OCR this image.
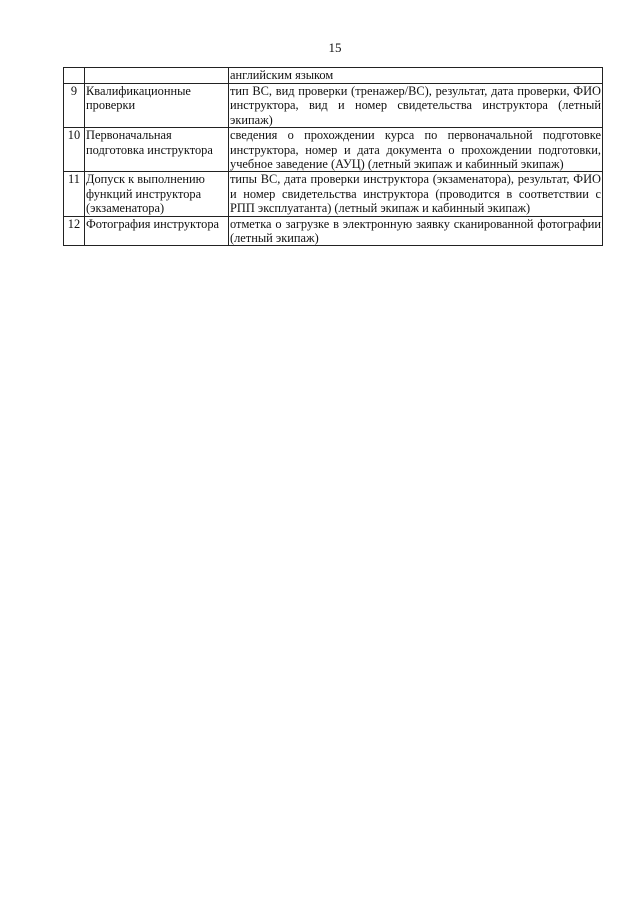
15
		английским языком
9	Квалификационные проверки	тип ВС, вид проверки (тренажер/ВС), результат, дата проверки, ФИО инструктора, вид и номер свидетельства инструктора (летный экипаж)
10	Первоначальная подготовка инструктора	сведения о прохождении курса по первоначальной подготовке инструктора, номер и дата документа о прохождении подготовки, учебное заведение (АУЦ) (летный экипаж и кабинный экипаж)
11	Допуск к выполнению функций инструктора (экзаменатора)	типы ВС, дата проверки инструктора (экзаменатора), результат, ФИО и номер свидетельства инструктора (проводится в соответствии с РПП эксплуатанта) (летный экипаж и кабинный экипаж)
12	Фотография инструктора	отметка о загрузке в электронную заявку сканированной фотографии (летный экипаж)
